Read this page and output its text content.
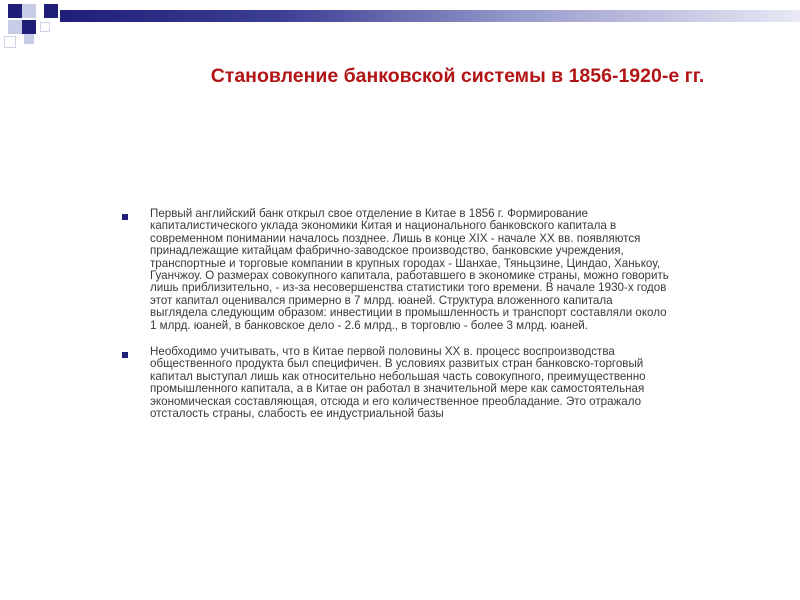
Становление банковской системы в 1856-1920-е гг.
Первый английский банк открыл свое отделение в Китае в 1856 г. Формирование
капиталистического уклада экономики Китая и национального банковского капитала в
современном понимании началось позднее. Лишь в конце XIX - начале XX вв. появляются
принадлежащие китайцам фабрично-заводское производство, банковские учреждения,
транспортные и торговые компании в крупных городах - Шанхае, Тяньцзине, Циндао, Ханькоу,
Гуанчжоу. О размерах совокупного капитала, работавшего в экономике страны, можно говорить
лишь приблизительно, - из-за несовершенства статистики того времени. В начале 1930-х годов
этот капитал оценивался примерно в 7 млрд. юаней. Структура вложенного капитала
выглядела следующим образом: инвестиции в промышленность и транспорт составляли около
1 млрд. юаней, в банковское дело - 2.6 млрд., в торговлю - более 3 млрд. юаней.
Необходимо учитывать, что в Китае первой половины XX в. процесс воспроизводства
общественного продукта был специфичен. В условиях развитых стран банковско-торговый
капитал выступал лишь как относительно небольшая часть совокупного, преимущественно
промышленного капитала, а в Китае он работал в значительной мере как самостоятельная
экономическая составляющая, отсюда и его количественное преобладание. Это отражало
отсталость страны, слабость ее индустриальной базы
